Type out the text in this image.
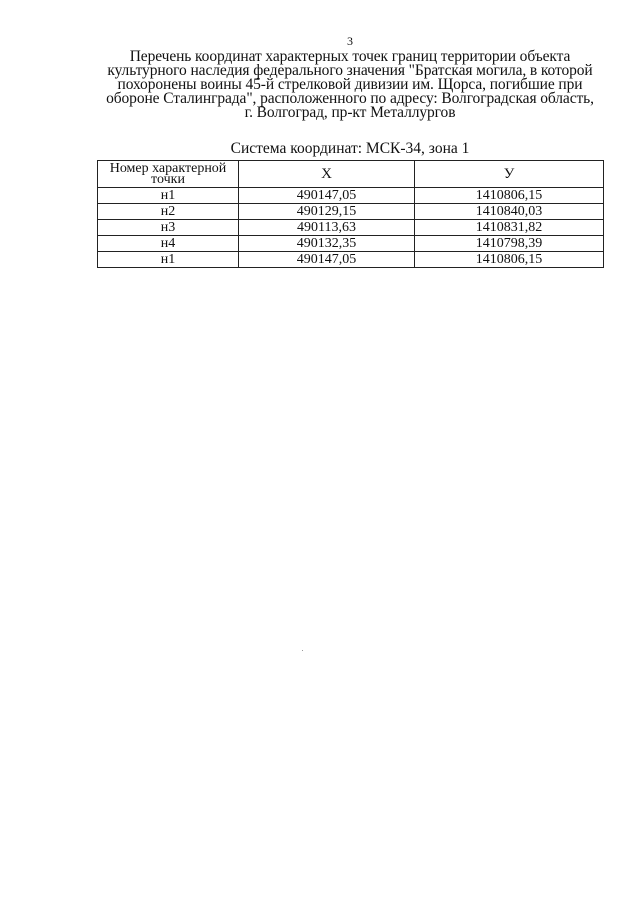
3
Перечень координат характерных точек границ территории объекта
культурного наследия федерального значения "Братская могила, в которой
похоронены воины 45-й стрелковой дивизии им. Щорса, погибшие при
обороне Сталинграда", расположенного по адресу: Волгоградская область,
г. Волгоград, пр-кт Металлургов
Система координат: МСК-34, зона 1
Номер характерной точки	X	У
н1	490147,05	1410806,15
н2	490129,15	1410840,03
н3	490113,63	1410831,82
н4	490132,35	1410798,39
н1	490147,05	1410806,15
